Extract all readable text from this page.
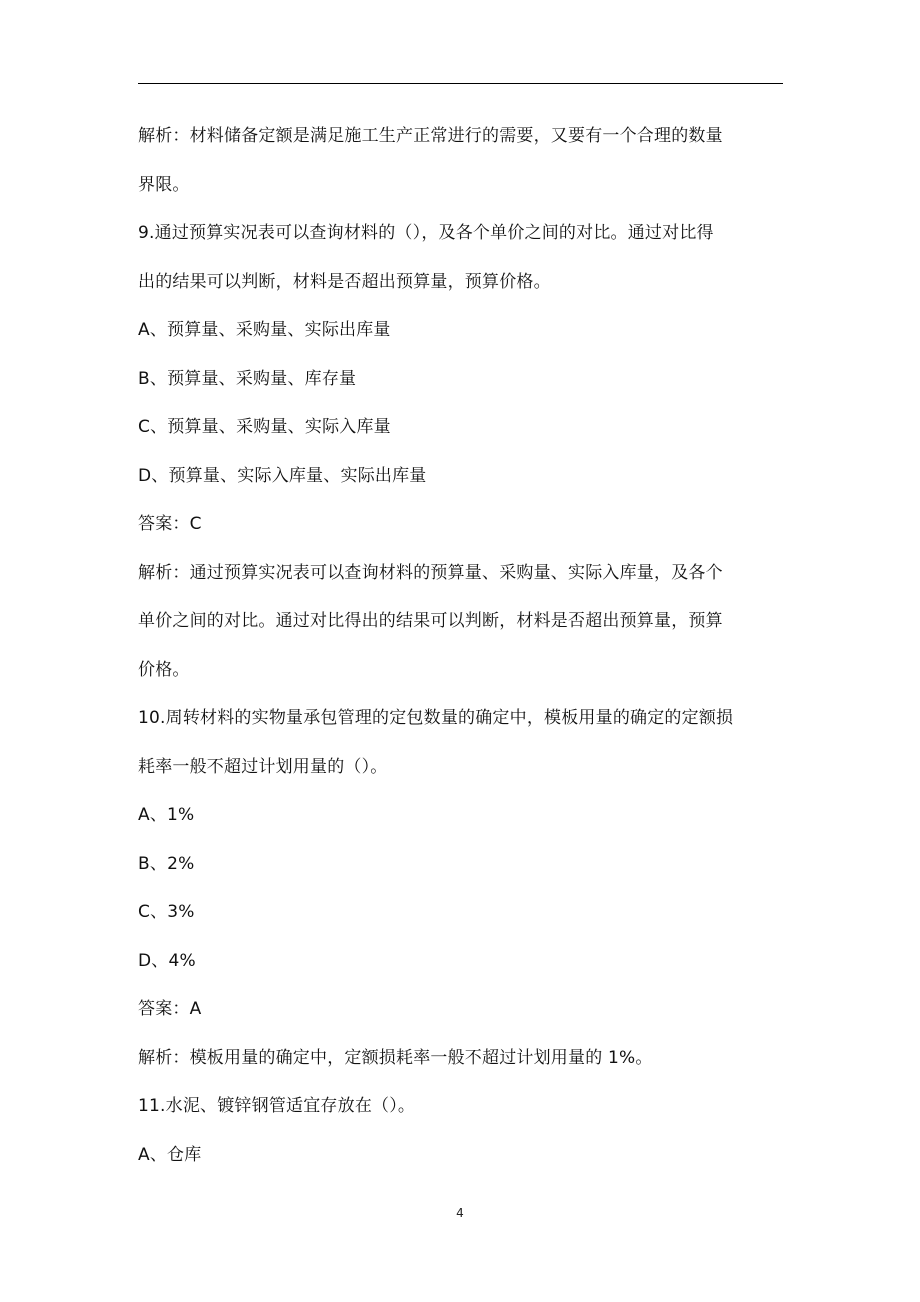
解析：材料储备定额是满足施工生产正常进行的需要，又要有一个合理的数量
界限。
9.通过预算实况表可以查询材料的（），及各个单价之间的对比。通过对比得
出的结果可以判断，材料是否超出预算量，预算价格。
A、预算量、采购量、实际出库量
B、预算量、采购量、库存量
C、预算量、采购量、实际入库量
D、预算量、实际入库量、实际出库量
答案：C
解析：通过预算实况表可以查询材料的预算量、采购量、实际入库量，及各个
单价之间的对比。通过对比得出的结果可以判断，材料是否超出预算量，预算
价格。
10.周转材料的实物量承包管理的定包数量的确定中，模板用量的确定的定额损
耗率一般不超过计划用量的（）。
A、1%
B、2%
C、3%
D、4%
答案：A
解析：模板用量的确定中，定额损耗率一般不超过计划用量的 1%。
11.水泥、镀锌钢管适宜存放在（）。
A、仓库
4
